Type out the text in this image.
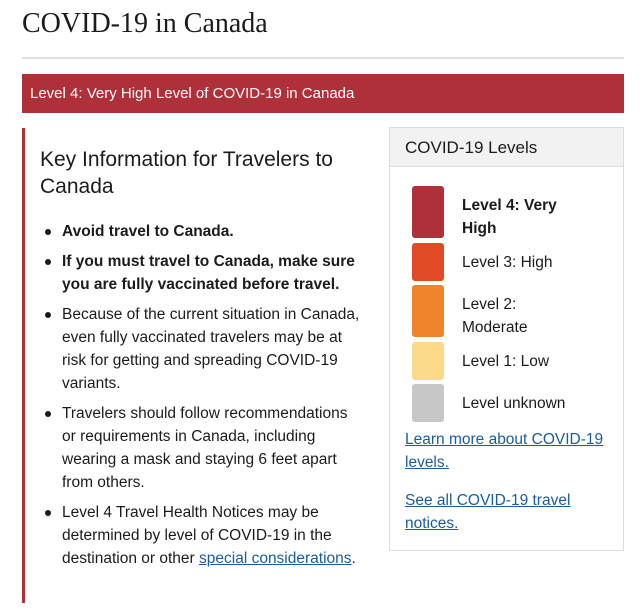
COVID-19 in Canada
Level 4: Very High Level of COVID-19 in Canada
Key Information for Travelers to Canada
Avoid travel to Canada.
If you must travel to Canada, make sure you are fully vaccinated before travel.
Because of the current situation in Canada, even fully vaccinated travelers may be at risk for getting and spreading COVID-19 variants.
Travelers should follow recommendations or requirements in Canada, including wearing a mask and staying 6 feet apart from others.
Level 4 Travel Health Notices may be determined by level of COVID-19 in the destination or other special considerations.
COVID-19 Levels
Level 4: Very High
Level 3: High
Level 2: Moderate
Level 1: Low
Level unknown
Learn more about COVID-19 levels.
See all COVID-19 travel notices.
